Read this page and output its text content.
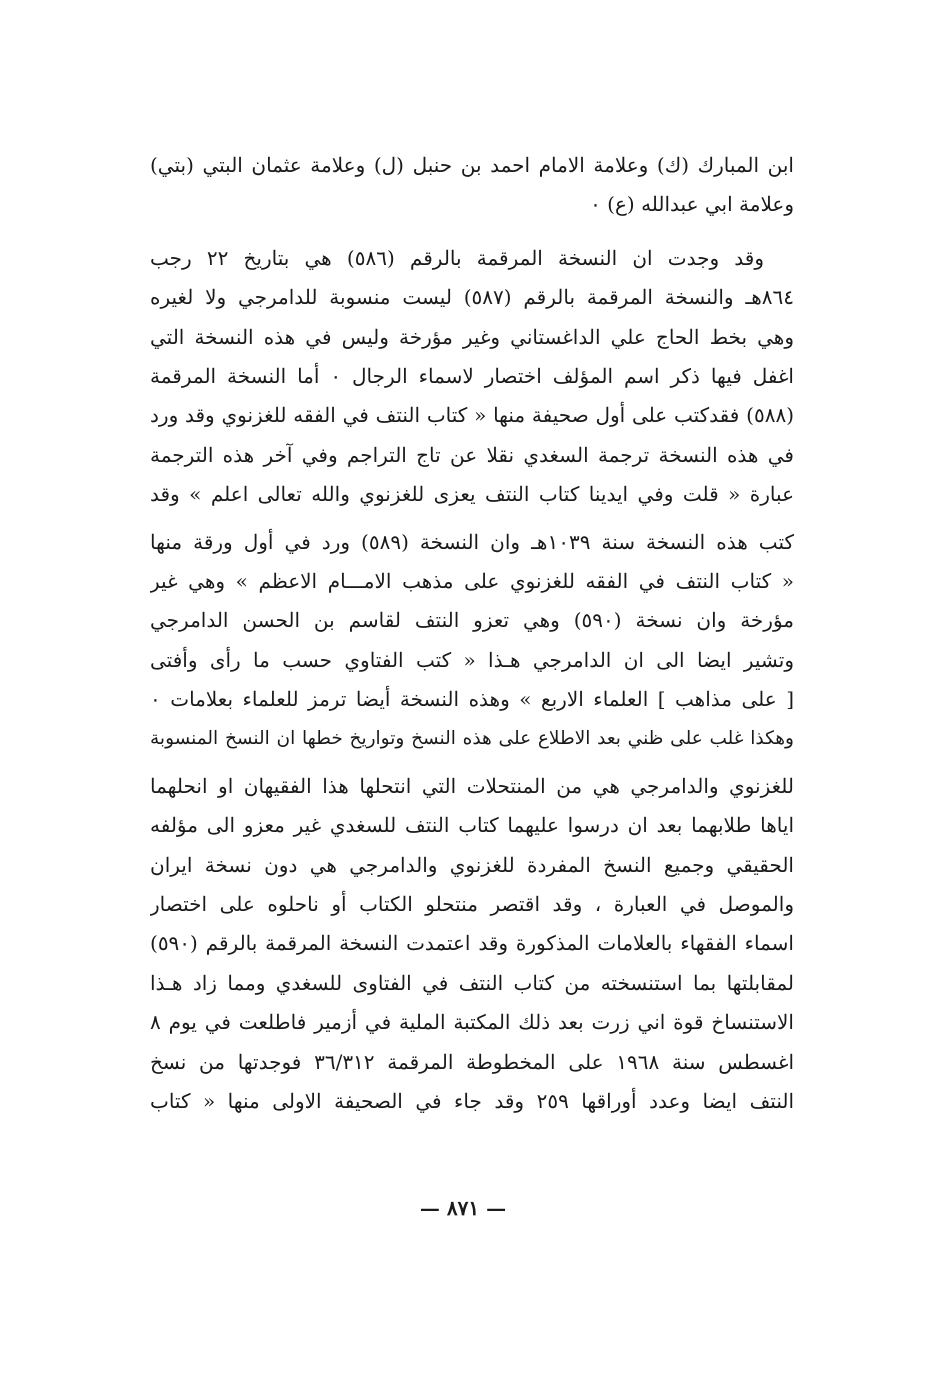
ابن المبارك (ك) وعلامة الامام احمد بن حنبل (ل) وعلامة عثمان البتي (بتي)
وعلامة ابي عبدالله (ع) ٠
وقد وجدت ان النسخة المرقمة بالرقم (٥٨٦) هي بتاريخ ٢٢ رجب
٨٦٤هـ والنسخة المرقمة بالرقم (٥٨٧) ليست منسوبة للدامرجي ولا لغيره
وهي بخط الحاج علي الداغستاني وغير مؤرخة وليس في هذه النسخة التي
اغفل فيها ذكر اسم المؤلف اختصار لاسماء الرجال ٠ أما النسخة المرقمة
(٥٨٨) فقدكتب على أول صحيفة منها « كتاب النتف في الفقه للغزنوي وقد ورد
في هذه النسخة ترجمة السغدي نقلا عن تاج التراجم وفي آخر هذه الترجمة
عبارة « قلت وفي ايدينا كتاب النتف يعزى للغزنوي والله تعالى اعلم » وقد
كتب هذه النسخة سنة ١٠٣٩هـ وان النسخة (٥٨٩) ورد في أول ورقة منها
« كتاب النتف في الفقه للغزنوي على مذهب الامـــام الاعظم » وهي غير
مؤرخة وان نسخة (٥٩٠) وهي تعزو النتف لقاسم بن الحسن الدامرجي
وتشير ايضا الى ان الدامرجي هـذا « كتب الفتاوي حسب ما رأى وأفتى
[ على مذاهب ] العلماء الاربع » وهذه النسخة أيضا ترمز للعلماء بعلامات ٠
وهكذا غلب على ظني بعد الاطلاع على هذه النسخ وتواريخ خطها ان النسخ المنسوبة
للغزنوي والدامرجي هي من المنتحلات التي انتحلها هذا الفقيهان او انحلهما
اياها طلابهما بعد ان درسوا عليهما كتاب النتف للسغدي غير معزو الى مؤلفه
الحقيقي وجميع النسخ المفردة للغزنوي والدامرجي هي دون نسخة ايران
والموصل في العبارة ، وقد اقتصر منتحلو الكتاب أو ناحلوه على اختصار
اسماء الفقهاء بالعلامات المذكورة وقد اعتمدت النسخة المرقمة بالرقم (٥٩٠)
لمقابلتها بما استنسخته من كتاب النتف في الفتاوى للسغدي ومما زاد هـذا
الاستنساخ قوة اني زرت بعد ذلك المكتبة الملية في أزمير فاطلعت في يوم ٨
اغسطس سنة ١٩٦٨ على المخطوطة المرقمة ٣٦/٣١٢ فوجدتها من نسخ
النتف ايضا وعدد أوراقها ٢٥٩ وقد جاء في الصحيفة الاولى منها « كتاب
— ٨٧١ —
